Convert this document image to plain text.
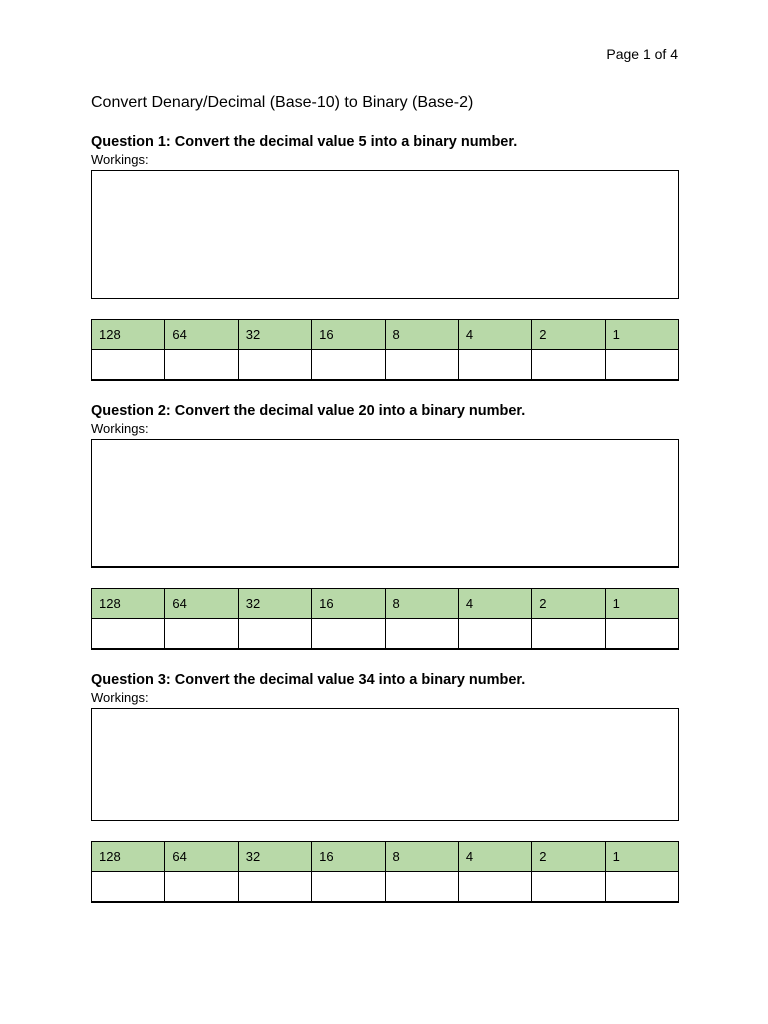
Page 1 of 4
Convert Denary/Decimal (Base-10) to Binary (Base-2)

Question 1: Convert the decimal value 5 into a binary number.

Workings:

128	64	32	16	8	4	2	1

Question 2: Convert the decimal value 20 into a binary number.

Workings:

128	64	32	16	8	4	2	1

Question 3: Convert the decimal value 34 into a binary number.

Workings:

128	64	32	16	8	4	2	1
